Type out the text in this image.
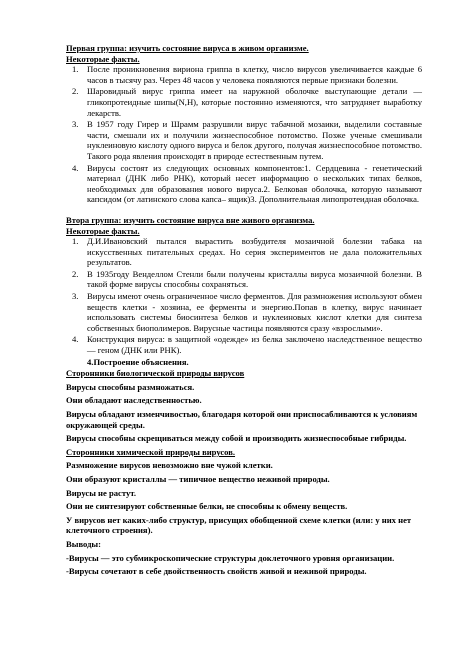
Первая группа: изучить состояние вируса в живом организме.

Некоторые факты.

1. После проникновения вириона гриппа в клетку, число вирусов увеличивается каждые 6 часов в тысячу раз. Через 48 часов у человека появляются первые признаки болезни.
2. Шаровидный вирус гриппа имеет на наружной оболочке выступающие детали — гликопротеидные шипы(N,H), которые постоянно изменяются, что затрудняет выработку лекарств.
3. В 1957 году Гирер и Шрамм разрушили вирус табачной мозаики, выделили составные части, смешали их и получили жизнеспособное потомство. Позже ученые смешивали нуклеиновую кислоту одного вируса и белок другого, получая жизнеспособное потомство. Такого рода явления происходят в природе естественным путем.
4. Вирусы состоят из следующих основных компонентов:1. Сердцевина - генетический материал (ДНК либо РНК), который несет информацию о нескольких типах белков, необходимых для образования нового вируса.2. Белковая оболочка, которую называют капсидом (от латинского слова капса– ящик)3. Дополнительная липопротеидная оболочка.

Втора группа: изучить состояние вируса вне живого организма.

Некоторые факты.

1. Д.И.Ивановский пытался вырастить возбудителя мозаичной болезни табака на искусственных питательных средах. Но серия экспериментов не дала положительных результатов.
2. В 1935году Венделлом Стенли были получены кристаллы вируса мозаичной болезни. В такой форме вирусы способны сохраняться.
3. Вирусы имеют очень ограниченное число ферментов. Для размножения используют обмен веществ клетки - хозяина, ее ферменты и энергию.Попав в клетку, вирус начинает использовать системы биосинтеза белков и нуклеиновых кислот клетки для синтеза собственных биополимеров. Вирусные частицы появляются сразу «взрослыми».
4. Конструкция вируса: в защитной «одежде» из белка заключено наследственное вещество — геном (ДНК или РНК).

4.Построение объяснения.

Сторонники биологической природы вирусов

Вирусы способны размножаться.

Они обладают наследственностью.

Вирусы обладают изменчивостью, благодаря которой они приспосабливаются к условиям окружающей среды.

Вирусы способны скрещиваться между собой и производить жизнеспособные гибриды.

Сторонники химической природы вирусов.

Размножение вирусов невозможно вне чужой клетки.

Они образуют кристаллы — типичное вещество неживой природы.

Вирусы не растут.

Они не синтезируют собственные белки, не способны к обмену веществ.

У вирусов нет каких-либо структур, присущих обобщенной схеме клетки (или: у них нет клеточного строения).

Выводы:

-Вирусы — это субмикроскопические структуры доклеточного уровня организации.

-Вирусы сочетают в себе двойственность свойств живой и неживой природы.
